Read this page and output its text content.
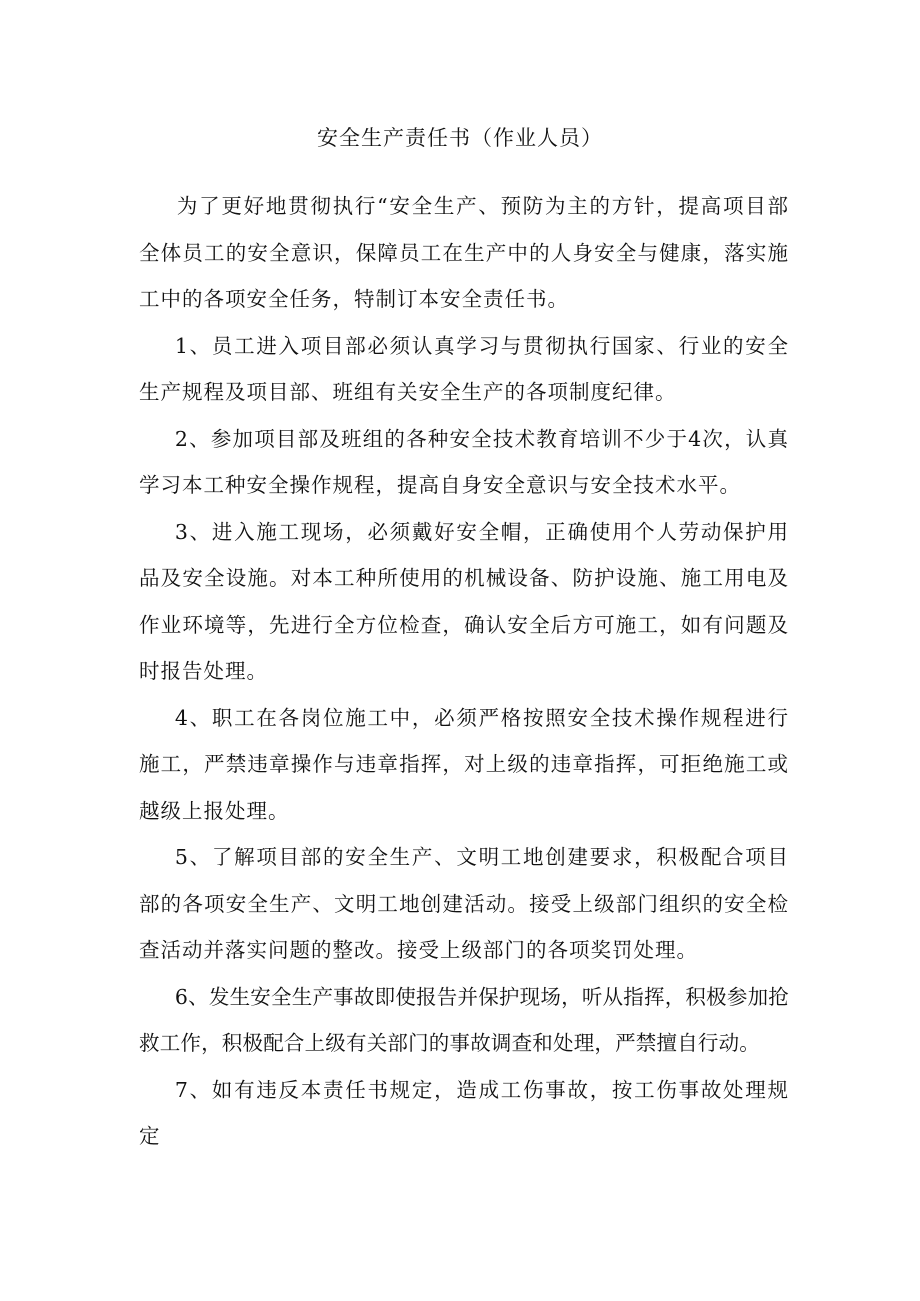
安全生产责任书（作业人员）

为了更好地贯彻执行“安全生产、预防为主的方针，提高项目部全体员工的安全意识，保障员工在生产中的人身安全与健康，落实施工中的各项安全任务，特制订本安全责任书。

1、员工进入项目部必须认真学习与贯彻执行国家、行业的安全生产规程及项目部、班组有关安全生产的各项制度纪律。

2、参加项目部及班组的各种安全技术教育培训不少于4次，认真学习本工种安全操作规程，提高自身安全意识与安全技术水平。

3、进入施工现场，必须戴好安全帽，正确使用个人劳动保护用品及安全设施。对本工种所使用的机械设备、防护设施、施工用电及作业环境等，先进行全方位检查，确认安全后方可施工，如有问题及时报告处理。

4、职工在各岗位施工中，必须严格按照安全技术操作规程进行施工，严禁违章操作与违章指挥，对上级的违章指挥，可拒绝施工或越级上报处理。

5、了解项目部的安全生产、文明工地创建要求，积极配合项目部的各项安全生产、文明工地创建活动。接受上级部门组织的安全检查活动并落实问题的整改。接受上级部门的各项奖罚处理。

6、发生安全生产事故即使报告并保护现场，听从指挥，积极参加抢救工作，积极配合上级有关部门的事故调查和处理，严禁擅自行动。

7、如有违反本责任书规定，造成工伤事故，按工伤事故处理规定
